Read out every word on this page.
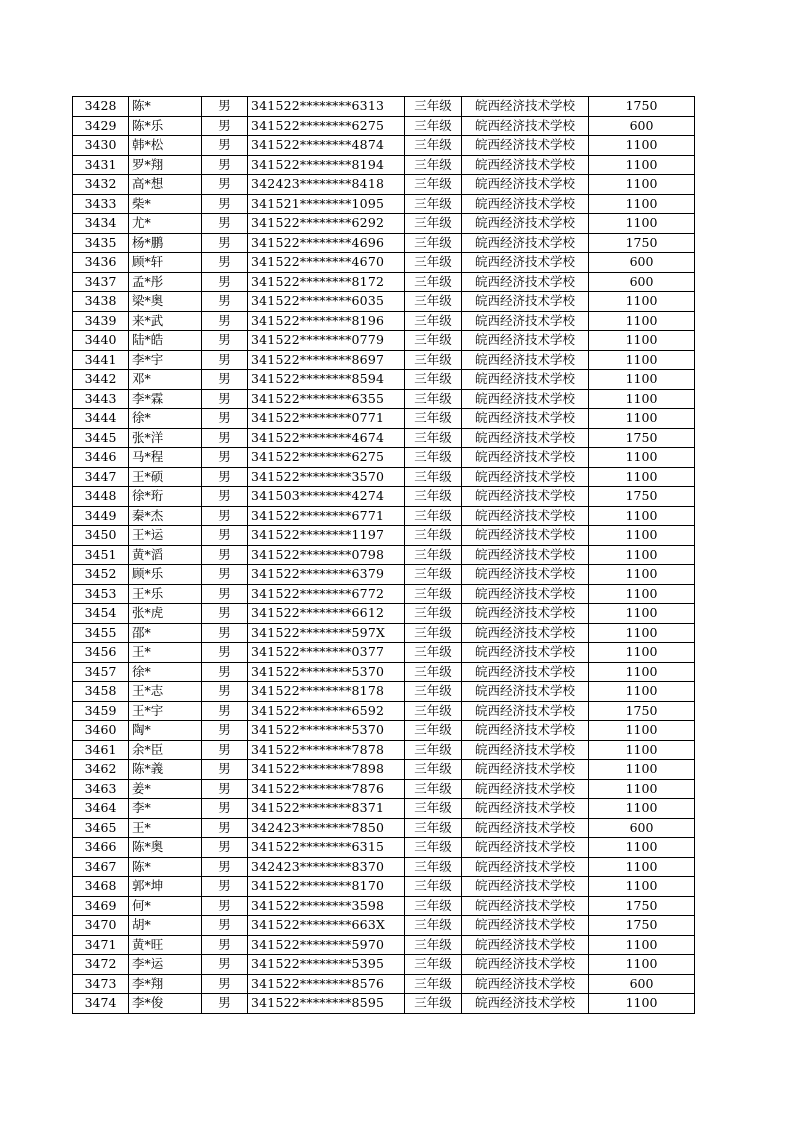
3428	陈*	男	341522********6313	三年级	皖西经济技术学校	1750
3429	陈*乐	男	341522********6275	三年级	皖西经济技术学校	600
3430	韩*松	男	341522********4874	三年级	皖西经济技术学校	1100
3431	罗*翔	男	341522********8194	三年级	皖西经济技术学校	1100
3432	高*想	男	342423********8418	三年级	皖西经济技术学校	1100
3433	柴*	男	341521********1095	三年级	皖西经济技术学校	1100
3434	尤*	男	341522********6292	三年级	皖西经济技术学校	1100
3435	杨*鹏	男	341522********4696	三年级	皖西经济技术学校	1750
3436	顾*轩	男	341522********4670	三年级	皖西经济技术学校	600
3437	孟*彤	男	341522********8172	三年级	皖西经济技术学校	600
3438	梁*奥	男	341522********6035	三年级	皖西经济技术学校	1100
3439	来*武	男	341522********8196	三年级	皖西经济技术学校	1100
3440	陆*皓	男	341522********0779	三年级	皖西经济技术学校	1100
3441	李*宇	男	341522********8697	三年级	皖西经济技术学校	1100
3442	邓*	男	341522********8594	三年级	皖西经济技术学校	1100
3443	李*霖	男	341522********6355	三年级	皖西经济技术学校	1100
3444	徐*	男	341522********0771	三年级	皖西经济技术学校	1100
3445	张*洋	男	341522********4674	三年级	皖西经济技术学校	1750
3446	马*程	男	341522********6275	三年级	皖西经济技术学校	1100
3447	王*硕	男	341522********3570	三年级	皖西经济技术学校	1100
3448	徐*珩	男	341503********4274	三年级	皖西经济技术学校	1750
3449	秦*杰	男	341522********6771	三年级	皖西经济技术学校	1100
3450	王*运	男	341522********1197	三年级	皖西经济技术学校	1100
3451	黄*滔	男	341522********0798	三年级	皖西经济技术学校	1100
3452	顾*乐	男	341522********6379	三年级	皖西经济技术学校	1100
3453	王*乐	男	341522********6772	三年级	皖西经济技术学校	1100
3454	张*虎	男	341522********6612	三年级	皖西经济技术学校	1100
3455	邵*	男	341522********597X	三年级	皖西经济技术学校	1100
3456	王*	男	341522********0377	三年级	皖西经济技术学校	1100
3457	徐*	男	341522********5370	三年级	皖西经济技术学校	1100
3458	王*志	男	341522********8178	三年级	皖西经济技术学校	1100
3459	王*宇	男	341522********6592	三年级	皖西经济技术学校	1750
3460	陶*	男	341522********5370	三年级	皖西经济技术学校	1100
3461	余*臣	男	341522********7878	三年级	皖西经济技术学校	1100
3462	陈*義	男	341522********7898	三年级	皖西经济技术学校	1100
3463	姜*	男	341522********7876	三年级	皖西经济技术学校	1100
3464	李*	男	341522********8371	三年级	皖西经济技术学校	1100
3465	王*	男	342423********7850	三年级	皖西经济技术学校	600
3466	陈*奥	男	341522********6315	三年级	皖西经济技术学校	1100
3467	陈*	男	342423********8370	三年级	皖西经济技术学校	1100
3468	郭*坤	男	341522********8170	三年级	皖西经济技术学校	1100
3469	何*	男	341522********3598	三年级	皖西经济技术学校	1750
3470	胡*	男	341522********663X	三年级	皖西经济技术学校	1750
3471	黄*旺	男	341522********5970	三年级	皖西经济技术学校	1100
3472	李*运	男	341522********5395	三年级	皖西经济技术学校	1100
3473	李*翔	男	341522********8576	三年级	皖西经济技术学校	600
3474	李*俊	男	341522********8595	三年级	皖西经济技术学校	1100
